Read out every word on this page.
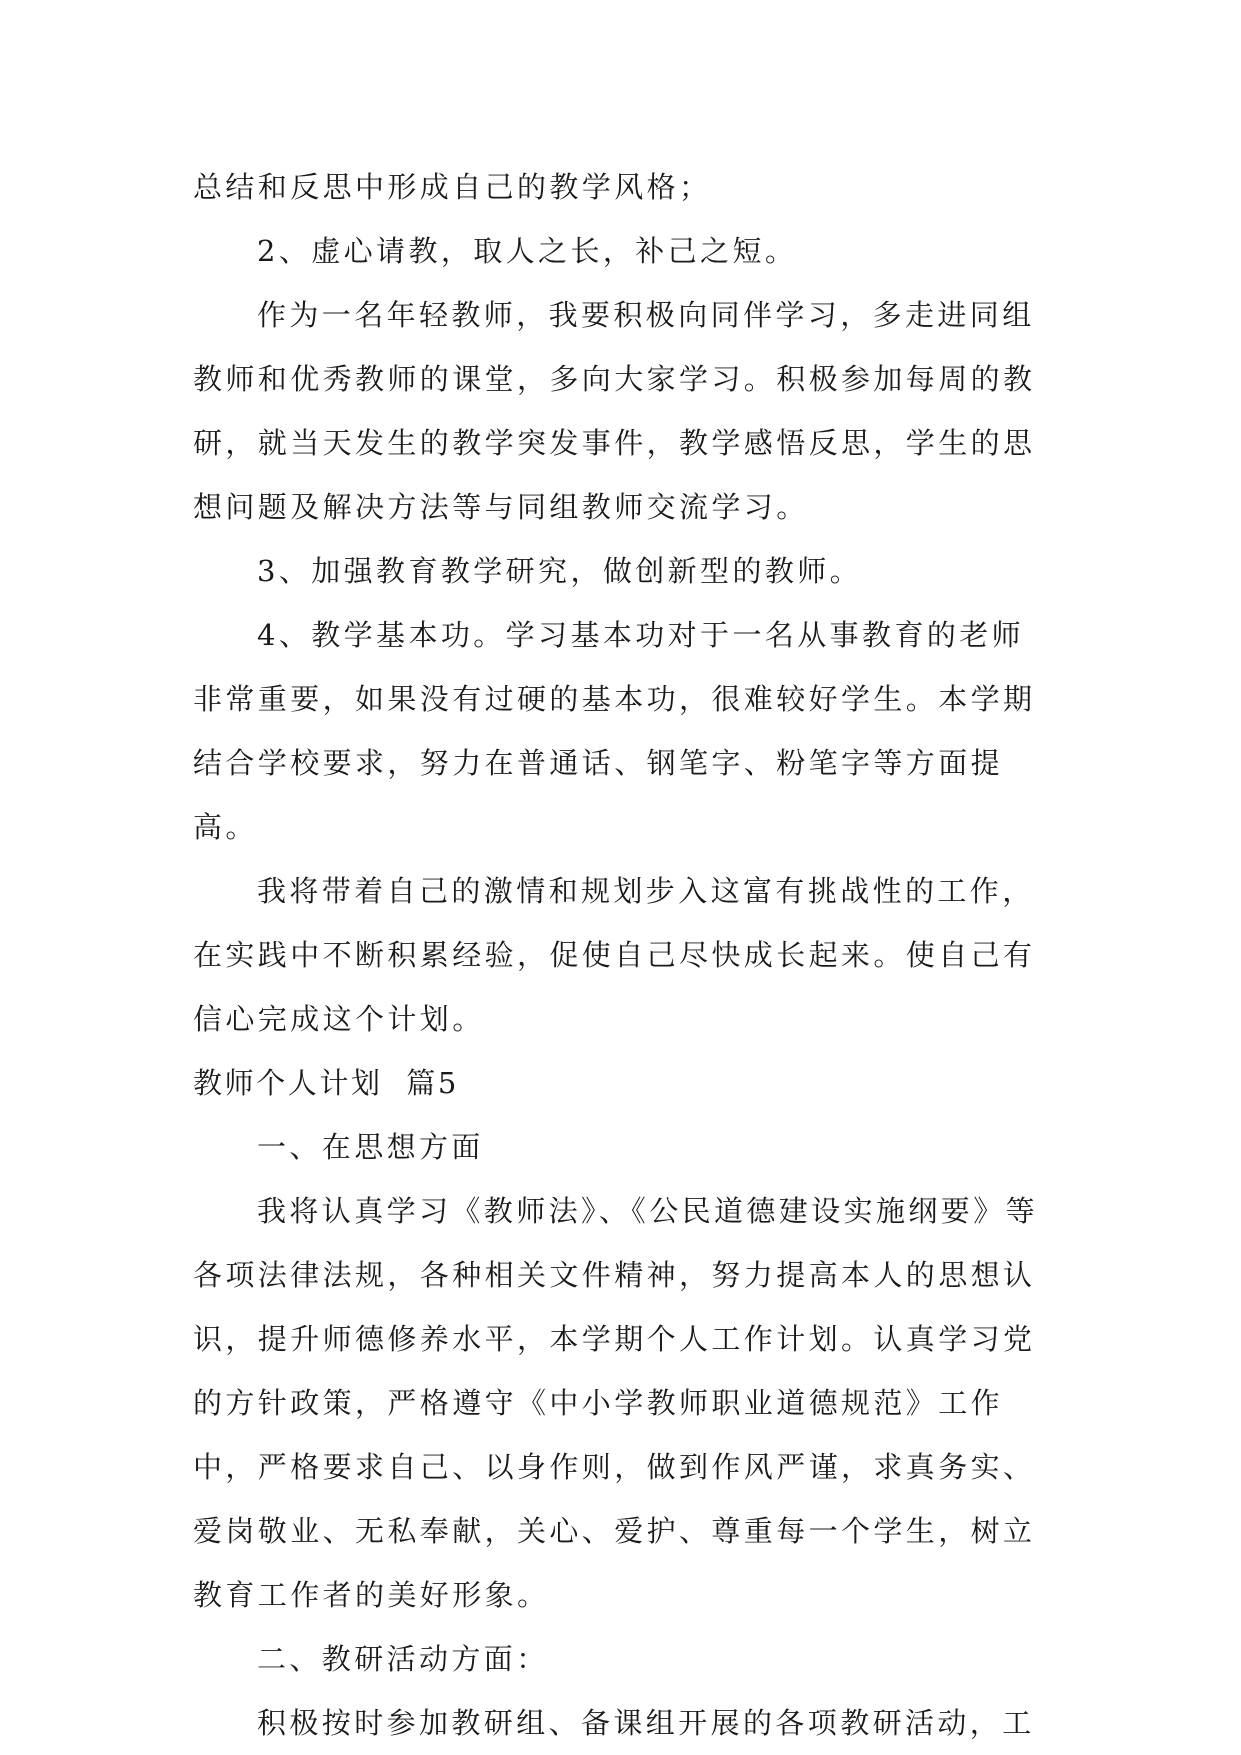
总结和反思中形成自己的教学风格；

2、虚心请教，取人之长，补己之短。

作为一名年轻教师，我要积极向同伴学习，多走进同组教师和优秀教师的课堂，多向大家学习。积极参加每周的教研，就当天发生的教学突发事件，教学感悟反思，学生的思想问题及解决方法等与同组教师交流学习。

3、加强教育教学研究，做创新型的教师。

4、教学基本功。学习基本功对于一名从事教育的老师非常重要，如果没有过硬的基本功，很难较好学生。本学期结合学校要求，努力在普通话、钢笔字、粉笔字等方面提高。

我将带着自己的激情和规划步入这富有挑战性的工作，在实践中不断积累经验，促使自己尽快成长起来。使自己有信心完成这个计划。

教师个人计划  篇5

一、在思想方面

我将认真学习《教师法》、《公民道德建设实施纲要》等各项法律法规，各种相关文件精神，努力提高本人的思想认识，提升师德修养水平，本学期个人工作计划。认真学习党的方针政策，严格遵守《中小学教师职业道德规范》工作中，严格要求自己、以身作则，做到作风严谨，求真务实、爱岗敬业、无私奉献，关心、爱护、尊重每一个学生，树立教育工作者的美好形象。

二、教研活动方面：

积极按时参加教研组、备课组开展的各项教研活动，工
